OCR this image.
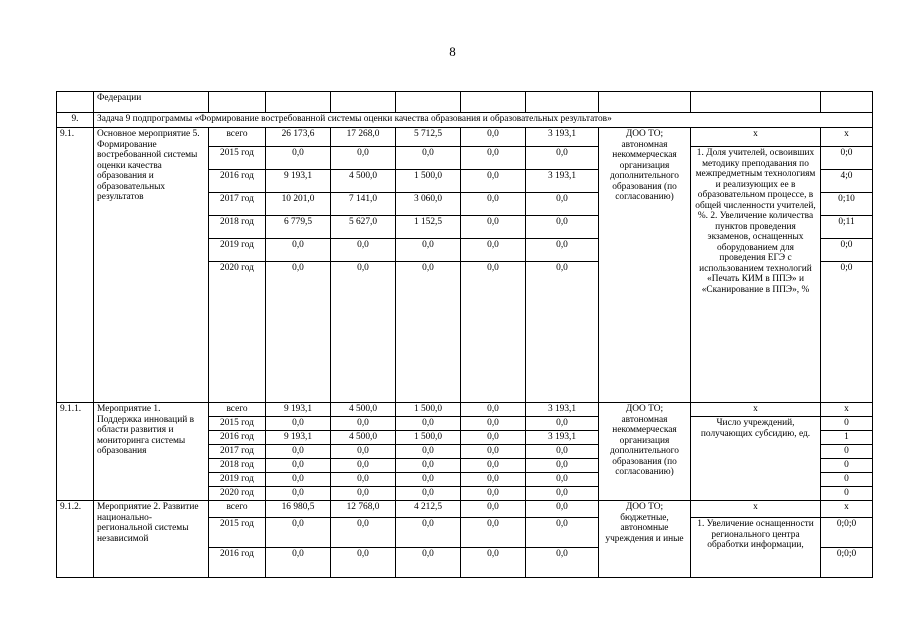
8
	Федерации									
9.	Задача 9 подпрограммы «Формирование востребованной системы оценки качества образования и образовательных результатов»									
9.1.	Основное мероприятие 5. Формирование востребованной системы оценки качества образования и образовательных результатов	всего	26 173,6	17 268,0	5 712,5	0,0	3 193,1	ДОО ТО; автономная некоммерческая организация дополнительного образования (по согласованию)	х	х
		2015 год	0,0	0,0	0,0	0,0	0,0		1. Доля учителей, освоивших методику преподавания по межпредметным технологиям и реализующих ее в образовательном процессе, в общей численности учителей, %. 2. Увеличение количества пунктов проведения экзаменов, оснащенных оборудованием для проведения ЕГЭ с использованием технологий «Печать КИМ в ППЭ» и «Сканирование в ППЭ», %	0;0
		2016 год	9 193,1	4 500,0	1 500,0	0,0	3 193,1			4;0
		2017 год	10 201,0	7 141,0	3 060,0	0,0	0,0			0;10
		2018 год	6 779,5	5 627,0	1 152,5	0,0	0,0			0;11
		2019 год	0,0	0,0	0,0	0,0	0,0			0;0
		2020 год	0,0	0,0	0,0	0,0	0,0			0;0
9.1.1.	Мероприятие 1. Поддержка инноваций в области развития и мониторинга системы образования	всего	9 193,1	4 500,0	1 500,0	0,0	3 193,1	ДОО ТО; автономная некоммерческая организация дополнительного образования (по согласованию)	х	х
		2015 год	0,0	0,0	0,0	0,0	0,0		Число учреждений, получающих субсидию, ед.	0
		2016 год	9 193,1	4 500,0	1 500,0	0,0	3 193,1			1
		2017 год	0,0	0,0	0,0	0,0	0,0			0
		2018 год	0,0	0,0	0,0	0,0	0,0			0
		2019 год	0,0	0,0	0,0	0,0	0,0			0
		2020 год	0,0	0,0	0,0	0,0	0,0			0
9.1.2.	Мероприятие 2. Развитие национально-региональной системы независимой	всего	16 980,5	12 768,0	4 212,5	0,0	0,0	ДОО ТО; бюджетные, автономные учреждения и иные	х	х
		2015 год	0,0	0,0	0,0	0,0	0,0		1. Увеличение оснащенности регионального центра обработки информации,	0;0;0
		2016 год	0,0	0,0	0,0	0,0	0,0			0;0;0
